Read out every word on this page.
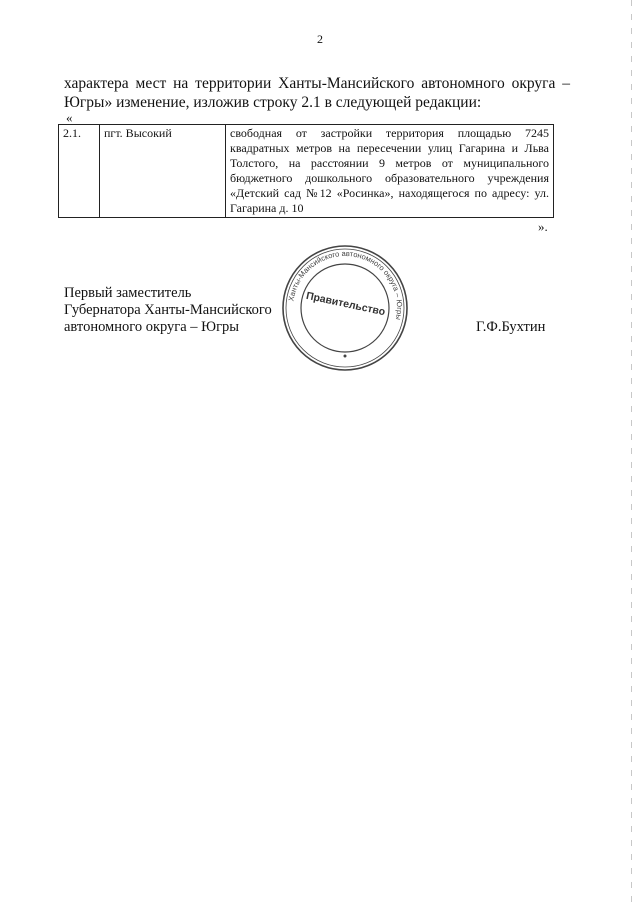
2
характера мест на территории Ханты-Мансийского автономного округа – Югры» изменение, изложив строку 2.1 в следующей редакции:
«
2.1.	пгт. Высокий	свободная от застройки территория площадью 7245 квадратных метров на пересечении улиц Гагарина и Льва Толстого, на расстоянии 9 метров от муниципального бюджетного дошкольного образовательного учреждения «Детский сад №12 «Росинка», находящегося по адресу: ул. Гагарина д. 10
».
Первый заместитель
Губернатора Ханты-Мансийского
автономного округа – Югры	Г.Ф.Бухтин
Ханты-Мансийского автономного округа – Югры
Правительство
